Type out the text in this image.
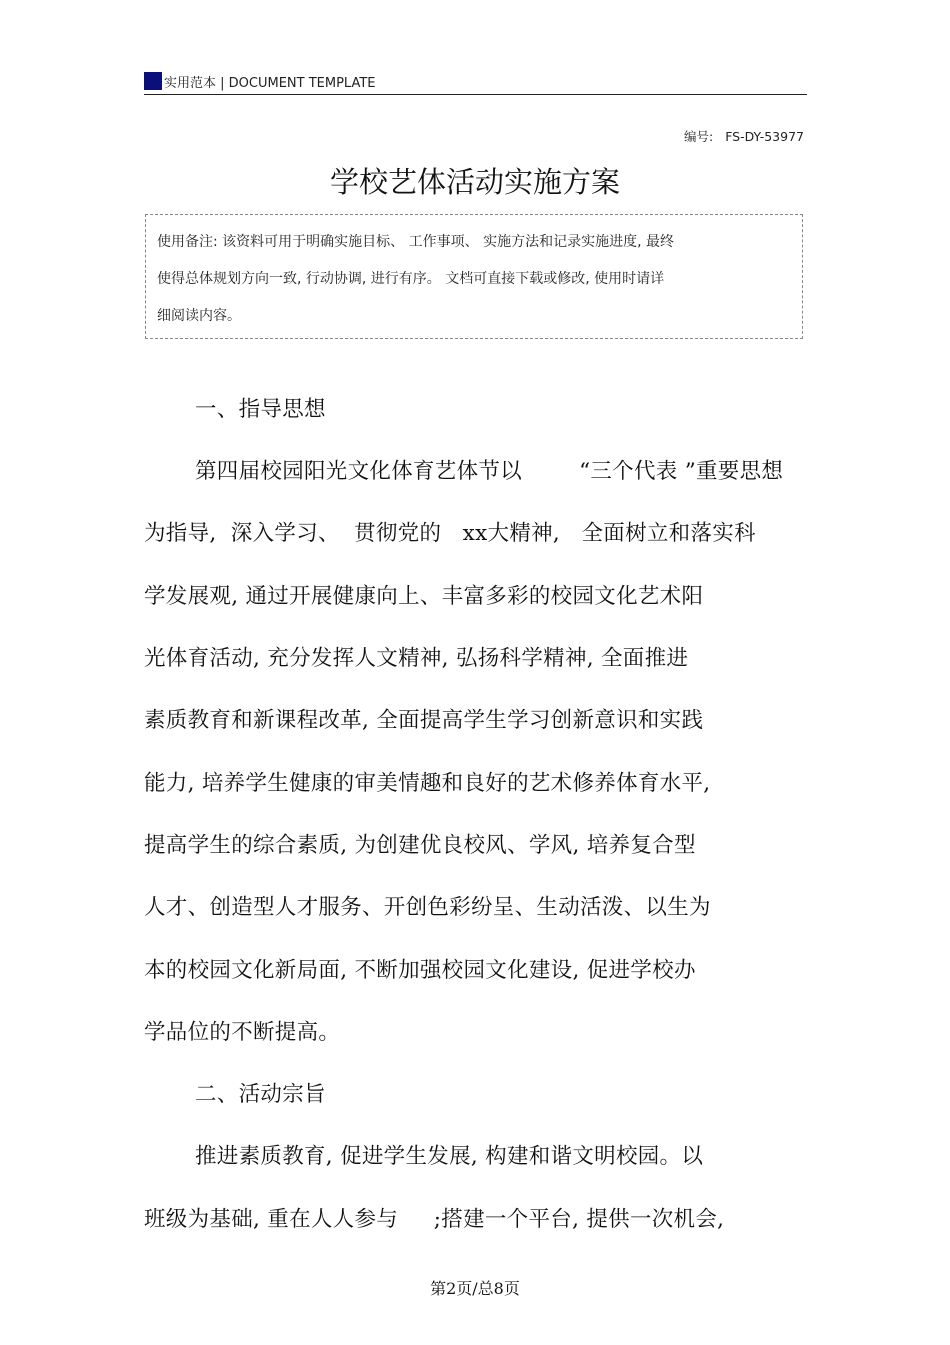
实用范本 | DOCUMENT TEMPLATE
编号: FS-DY-53977
学校艺体活动实施方案
使用备注: 该资料可用于明确实施目标、 工作事项、 实施方法和记录实施进度, 最终
使得总体规划方向一致, 行动协调, 进行有序。 文档可直接下载或修改, 使用时请详
细阅读内容。
一、指导思想
第四届校园阳光文化体育艺体节以        “三个代表 ”重要思想
为指导,  深入学习、  贯彻党的   xx大精神,   全面树立和落实科
学发展观, 通过开展健康向上、丰富多彩的校园文化艺术阳
光体育活动, 充分发挥人文精神, 弘扬科学精神, 全面推进
素质教育和新课程改革, 全面提高学生学习创新意识和实践
能力, 培养学生健康的审美情趣和良好的艺术修养体育水平,
提高学生的综合素质, 为创建优良校风、学风, 培养复合型
人才、创造型人才服务、开创色彩纷呈、生动活泼、以生为
本的校园文化新局面, 不断加强校园文化建设, 促进学校办
学品位的不断提高。
二、活动宗旨
推进素质教育, 促进学生发展, 构建和谐文明校园。以
班级为基础, 重在人人参与     ;搭建一个平台, 提供一次机会,
第2页/总8页
